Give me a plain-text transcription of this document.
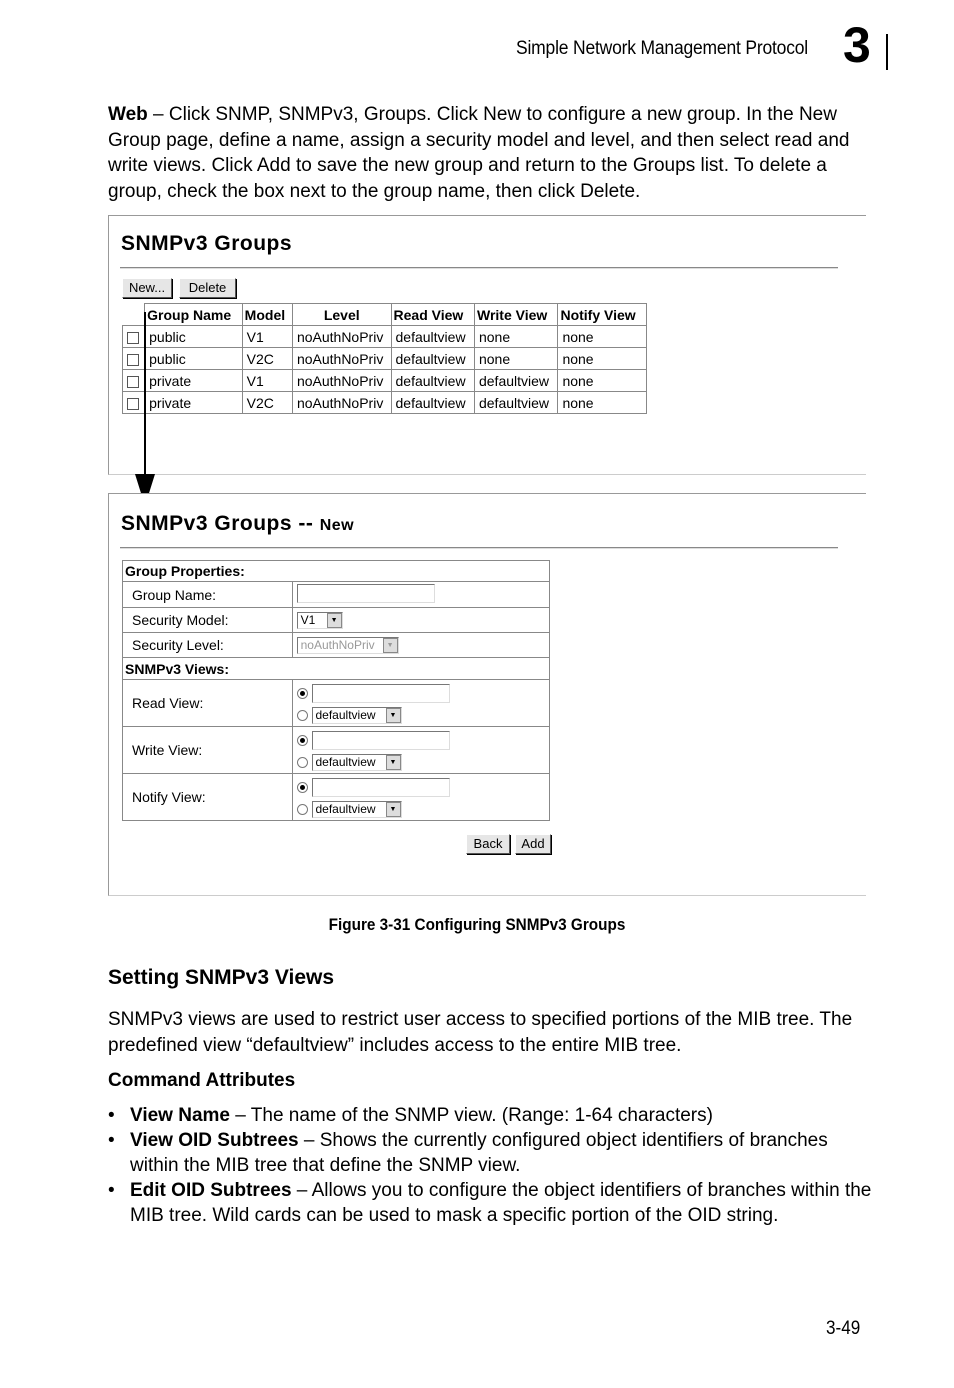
Simple Network Management Protocol 3
Web – Click SNMP, SNMPv3, Groups. Click New to configure a new group. In the New Group page, define a name, assign a security model and level, and then select read and write views. Click Add to save the new group and return to the Groups list. To delete a group, check the box next to the group name, then click Delete.
SNMPv3 Groups
New...	Delete
	Group Name	Model	Level	Read View	Write View	Notify View
	public	V1	noAuthNoPriv	defaultview	none	none
	public	V2C	noAuthNoPriv	defaultview	none	none
	private	V1	noAuthNoPriv	defaultview	defaultview	none
	private	V2C	noAuthNoPriv	defaultview	defaultview	none
SNMPv3 Groups -- New
Group Properties:	
Group Name:	
Security Model:	V1 ▼

Security Level:	noAuthNoPriv ▼

SNMPv3 Views:	
Read View:	defaultview ▼

Write View:	defaultview ▼

Notify View:	defaultview ▼
Back	Add
Figure 3-31 Configuring SNMPv3 Groups
Setting SNMPv3 Views
SNMPv3 views are used to restrict user access to specified portions of the MIB tree. The predefined view “defaultview” includes access to the entire MIB tree.
Command Attributes
• View Name – The name of the SNMP view. (Range: 1-64 characters)
• View OID Subtrees – Shows the currently configured object identifiers of branches within the MIB tree that define the SNMP view.
• Edit OID Subtrees – Allows you to configure the object identifiers of branches within the MIB tree. Wild cards can be used to mask a specific portion of the OID string.
3-49
